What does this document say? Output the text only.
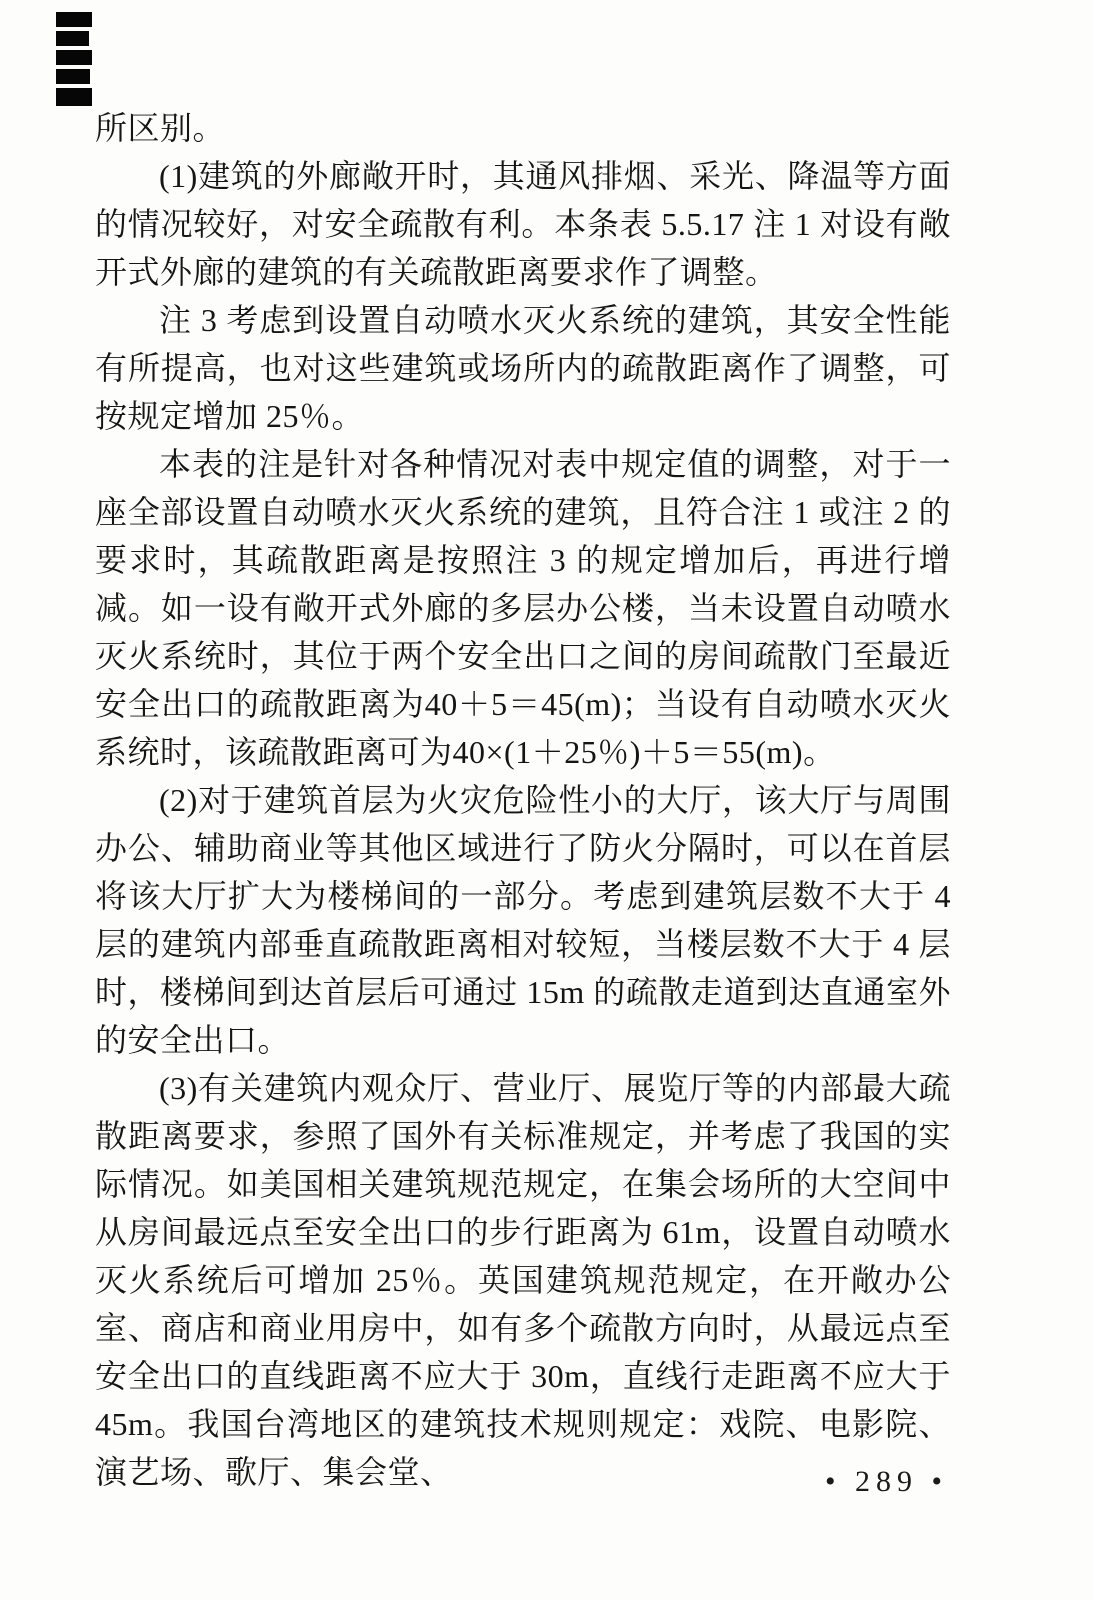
所区别。

(1)建筑的外廊敞开时，其通风排烟、采光、降温等方面的情况较好，对安全疏散有利。本条表 5.5.17 注 1 对设有敞开式外廊的建筑的有关疏散距离要求作了调整。

注 3 考虑到设置自动喷水灭火系统的建筑，其安全性能有所提高，也对这些建筑或场所内的疏散距离作了调整，可按规定增加 25％。

本表的注是针对各种情况对表中规定值的调整，对于一座全部设置自动喷水灭火系统的建筑，且符合注 1 或注 2 的要求时，其疏散距离是按照注 3 的规定增加后，再进行增减。如一设有敞开式外廊的多层办公楼，当未设置自动喷水灭火系统时，其位于两个安全出口之间的房间疏散门至最近安全出口的疏散距离为40＋5＝45(m)；当设有自动喷水灭火系统时，该疏散距离可为40×(1＋25％)＋5＝55(m)。

(2)对于建筑首层为火灾危险性小的大厅，该大厅与周围办公、辅助商业等其他区域进行了防火分隔时，可以在首层将该大厅扩大为楼梯间的一部分。考虑到建筑层数不大于 4 层的建筑内部垂直疏散距离相对较短，当楼层数不大于 4 层时，楼梯间到达首层后可通过 15m 的疏散走道到达直通室外的安全出口。

(3)有关建筑内观众厅、营业厅、展览厅等的内部最大疏散距离要求，参照了国外有关标准规定，并考虑了我国的实际情况。如美国相关建筑规范规定，在集会场所的大空间中从房间最远点至安全出口的步行距离为 61m，设置自动喷水灭火系统后可增加 25％。英国建筑规范规定，在开敞办公室、商店和商业用房中，如有多个疏散方向时，从最远点至安全出口的直线距离不应大于 30m，直线行走距离不应大于 45m。我国台湾地区的建筑技术规则规定：戏院、电影院、演艺场、歌厅、集会堂、	• 289 •
